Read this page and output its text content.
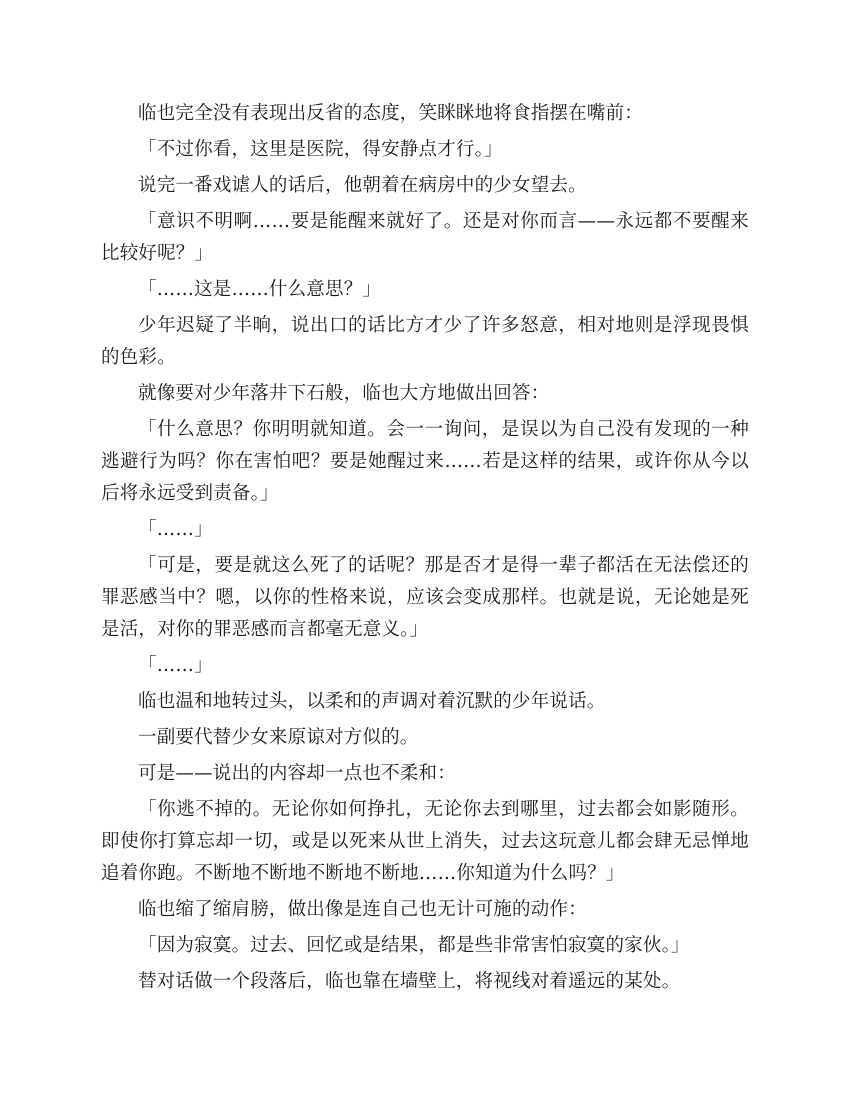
临也完全没有表现出反省的态度，笑眯眯地将食指摆在嘴前：

「不过你看，这里是医院，得安静点才行。」

说完一番戏谑人的话后，他朝着在病房中的少女望去。

「意识不明啊……要是能醒来就好了。还是对你而言——永远都不要醒来比较好呢？」

「……这是……什么意思？」

少年迟疑了半晌，说出口的话比方才少了许多怒意，相对地则是浮现畏惧的色彩。

就像要对少年落井下石般，临也大方地做出回答：

「什么意思？你明明就知道。会一一询问，是误以为自己没有发现的一种逃避行为吗？你在害怕吧？要是她醒过来……若是这样的结果，或许你从今以后将永远受到责备。」

「……」

「可是，要是就这么死了的话呢？那是否才是得一辈子都活在无法偿还的罪恶感当中？嗯，以你的性格来说，应该会变成那样。也就是说，无论她是死是活，对你的罪恶感而言都毫无意义。」

「……」

临也温和地转过头，以柔和的声调对着沉默的少年说话。

一副要代替少女来原谅对方似的。

可是——说出的内容却一点也不柔和：

「你逃不掉的。无论你如何挣扎，无论你去到哪里，过去都会如影随形。即使你打算忘却一切，或是以死来从世上消失，过去这玩意儿都会肆无忌惮地追着你跑。不断地不断地不断地不断地……你知道为什么吗？」

临也缩了缩肩膀，做出像是连自己也无计可施的动作：

「因为寂寞。过去、回忆或是结果，都是些非常害怕寂寞的家伙。」

替对话做一个段落后，临也靠在墙壁上，将视线对着遥远的某处。
